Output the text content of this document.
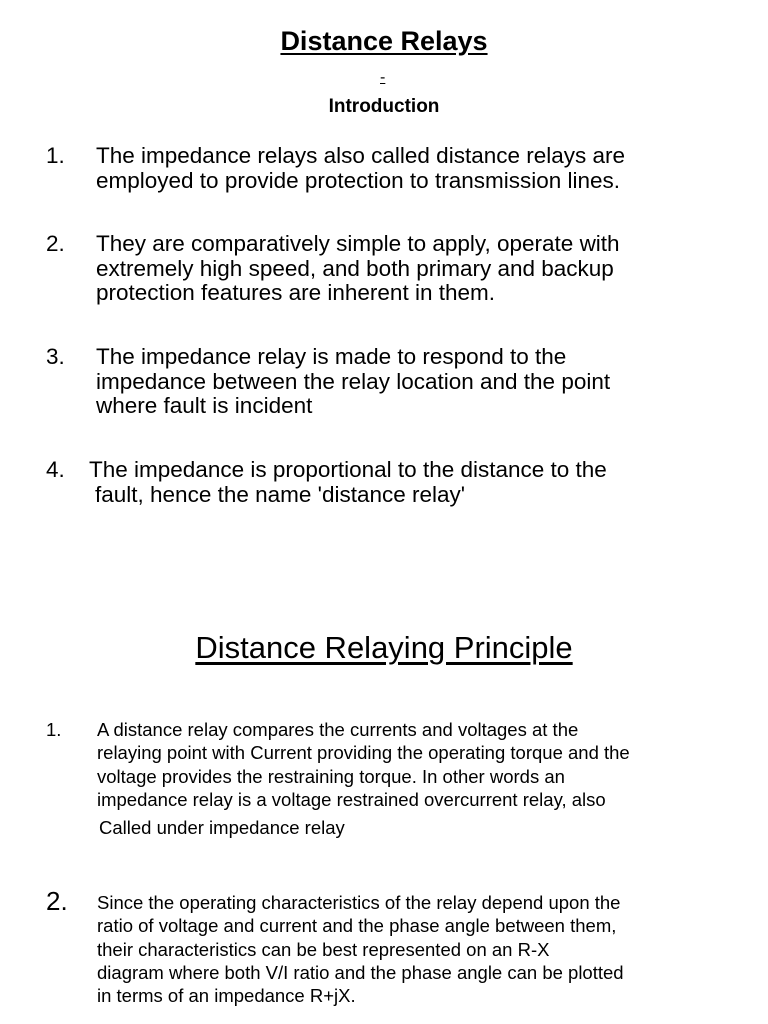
Distance Relays
-
Introduction
1. The impedance relays also called distance relays are
employed to provide protection to transmission lines.
2. They are comparatively simple to apply, operate with
extremely high speed, and both primary and backup
protection features are inherent in them.
3. The impedance relay is made to respond to the
impedance between the relay location and the point
where fault is incident
4. The impedance is proportional to the distance to the
fault, hence the name 'distance relay'
Distance Relaying Principle
1. A distance relay compares the currents and voltages at the
relaying point with Current providing the operating torque and the
voltage provides the restraining torque. In other words an
impedance relay is a voltage restrained overcurrent relay, also
Called under impedance relay
2. Since the operating characteristics of the relay depend upon the
ratio of voltage and current and the phase angle between them,
their characteristics can be best represented on an R-X
diagram where both V/I ratio and the phase angle can be plotted
in terms of an impedance R+jX.
